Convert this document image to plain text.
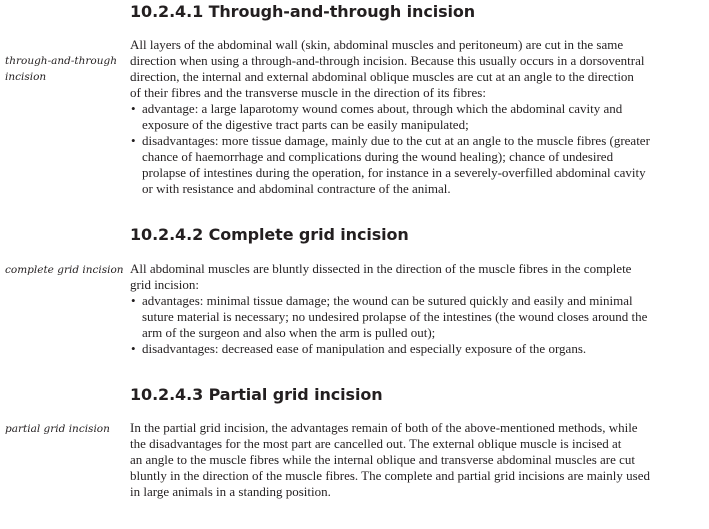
10.2.4.1 Through-and-through incision
through-and-through
incision
All layers of the abdominal wall (skin, abdominal muscles and peritoneum) are cut in the same
direction when using a through-and-through incision. Because this usually occurs in a dorsoventral
direction, the internal and external abdominal oblique muscles are cut at an angle to the direction
of their fibres and the transverse muscle in the direction of its fibres:
• advantage: a large laparotomy wound comes about, through which the abdominal cavity and
exposure of the digestive tract parts can be easily manipulated;
• disadvantages: more tissue damage, mainly due to the cut at an angle to the muscle fibres (greater
chance of haemorrhage and complications during the wound healing); chance of undesired
prolapse of intestines during the operation, for instance in a severely-overfilled abdominal cavity
or with resistance and abdominal contracture of the animal.
10.2.4.2 Complete grid incision
complete grid incision All abdominal muscles are bluntly dissected in the direction of the muscle fibres in the complete
grid incision:
• advantages: minimal tissue damage; the wound can be sutured quickly and easily and minimal
suture material is necessary; no undesired prolapse of the intestines (the wound closes around the
arm of the surgeon and also when the arm is pulled out);
• disadvantages: decreased ease of manipulation and especially exposure of the organs.
10.2.4.3 Partial grid incision
partial grid incision In the partial grid incision, the advantages remain of both of the above-mentioned methods, while
the disadvantages for the most part are cancelled out. The external oblique muscle is incised at
an angle to the muscle fibres while the internal oblique and transverse abdominal muscles are cut
bluntly in the direction of the muscle fibres. The complete and partial grid incisions are mainly used
in large animals in a standing position.
